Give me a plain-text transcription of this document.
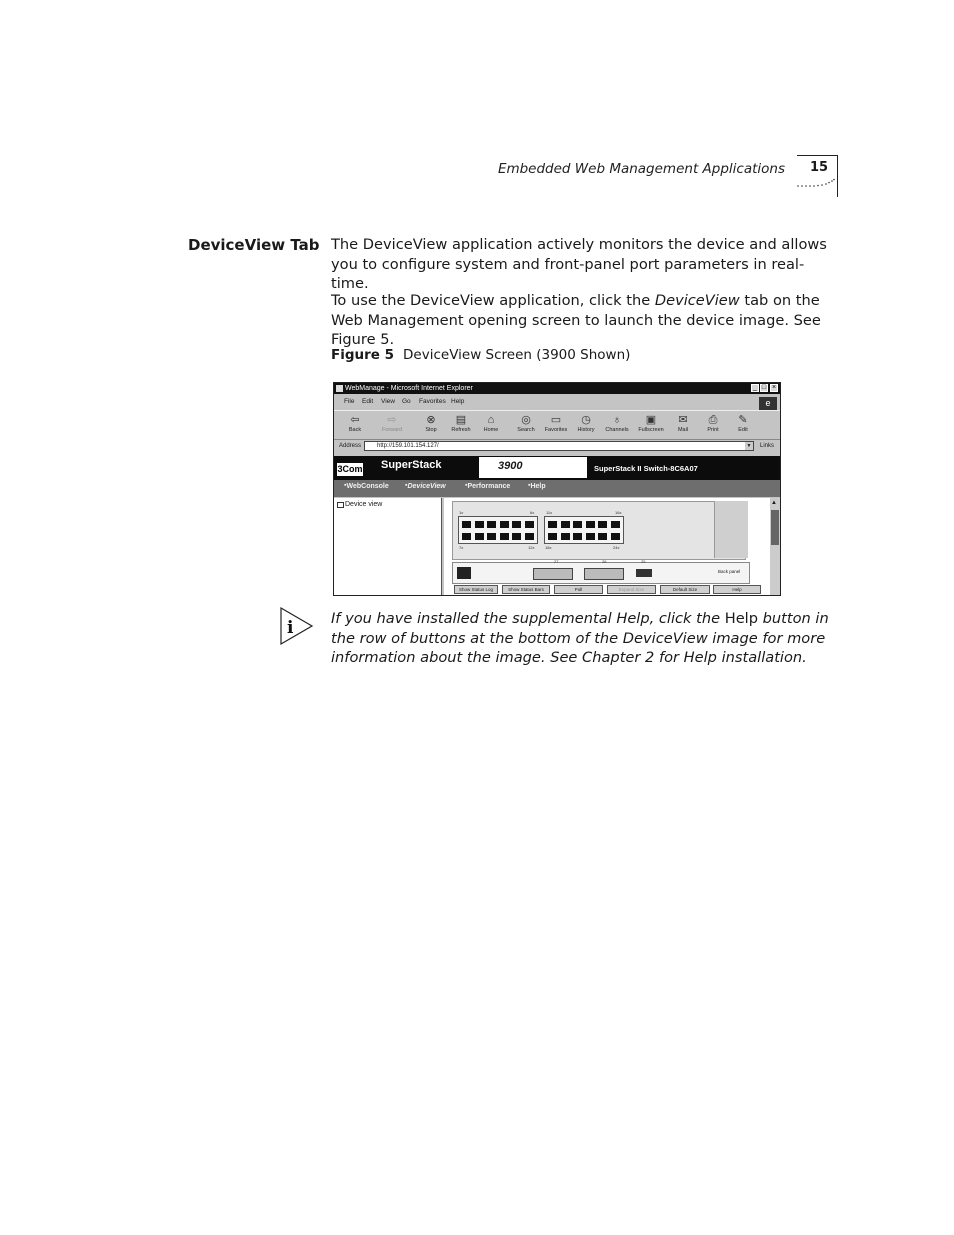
Embedded Web Management Applications 15
DeviceView Tab The DeviceView application actively monitors the device and allows you to configure system and front-panel port parameters in real-time.
To use the DeviceView application, click the DeviceView tab on the Web Management opening screen to launch the device image. See Figure 5.
Figure 5 DeviceView Screen (3900 Shown)
WebManage - Microsoft Internet Explorer	_ □ ×
File Edit View Go Favorites Help	e
⇦
Back
⇨
Forward
⊗
Stop
▤
Refresh
⌂
Home
◎
Search
▭
Favorites
◷
History
♁
Channels
▣
Fullscreen
✉
Mail
⎙
Print
✎
Edit
Address	http://159.101.154.127/	▼ Links
3Com SuperStack	3900	SuperStack II Switch-8C6A07
▪ WebConsole ▪ DeviceView	▪ Performance	▪ Help
Device view	▲
1x	6x	11x	16x
7x	12x	18x	24x
Back panel
27	26	25
Show Status Log	Show Status Bars	Poll	Expand Size	Default Size	Help
i	If you have installed the supplemental Help, click the Help button in the row of buttons at the bottom of the DeviceView image for more information about the image. See Chapter 2 for Help installation.
